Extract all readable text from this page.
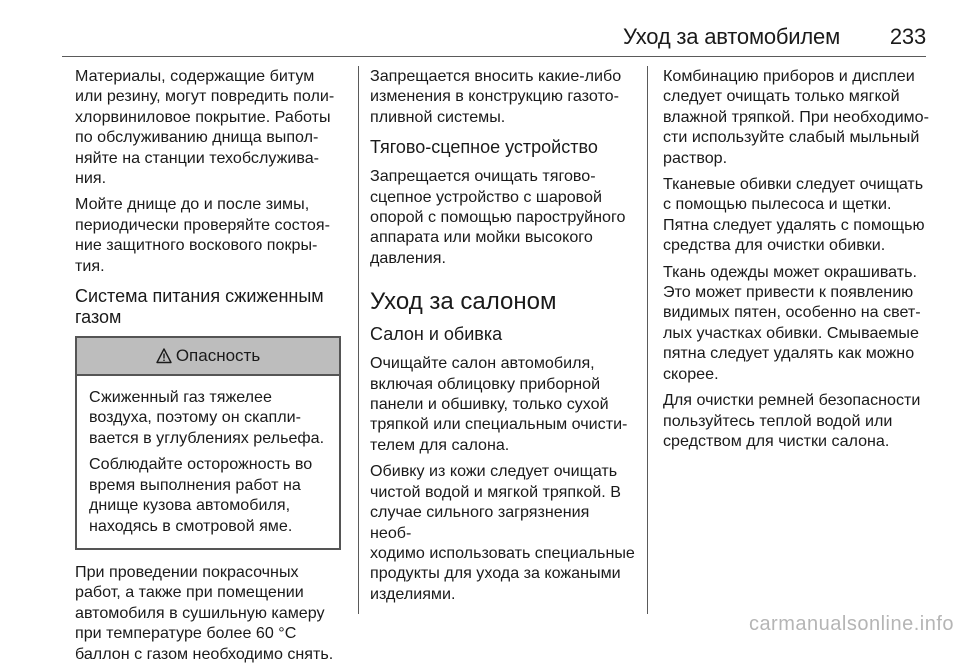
Уход за автомобилем 233

Материалы, содержащие битум
или резину, могут повредить поли-
хлорвиниловое покрытие. Работы
по обслуживанию днища выпол-
няйте на станции техобслужива-
ния.

Мойте днище до и после зимы,
периодически проверяйте состоя-
ние защитного воскового покры-
тия.

Система питания сжиженным
газом
Опасность

Сжиженный газ тяжелее
воздуха, поэтому он скапли-
вается в углублениях рельефа.

Соблюдайте осторожность во
время выполнения работ на
днище кузова автомобиля,
находясь в смотровой яме.

При проведении покрасочных
работ, а также при помещении
автомобиля в сушильную камеру
при температуре более 60 °C
баллон с газом необходимо снять.

Запрещается вносить какие-либо
изменения в конструкцию газото-
пливной системы.

Тягово-сцепное устройство

Запрещается очищать тягово-
сцепное устройство с шаровой
опорой с помощью пароструйного
аппарата или мойки высокого
давления.

Уход за салоном
Салон и обивка

Очищайте салон автомобиля,
включая облицовку приборной
панели и обшивку, только сухой
тряпкой или специальным очисти-
телем для салона.

Обивку из кожи следует очищать
чистой водой и мягкой тряпкой. В
случае сильного загрязнения необ-
ходимо использовать специальные
продукты для ухода за кожаными
изделиями.

Комбинацию приборов и дисплеи
следует очищать только мягкой
влажной тряпкой. При необходимо-
сти используйте слабый мыльный
раствор.

Тканевые обивки следует очищать
с помощью пылесоса и щетки.
Пятна следует удалять с помощью
средства для очистки обивки.

Ткань одежды может окрашивать.
Это может привести к появлению
видимых пятен, особенно на свет-
лых участках обивки. Смываемые
пятна следует удалять как можно
скорее.

Для очистки ремней безопасности
пользуйтесь теплой водой или
средством для чистки салона.

carmanualsonline.info
